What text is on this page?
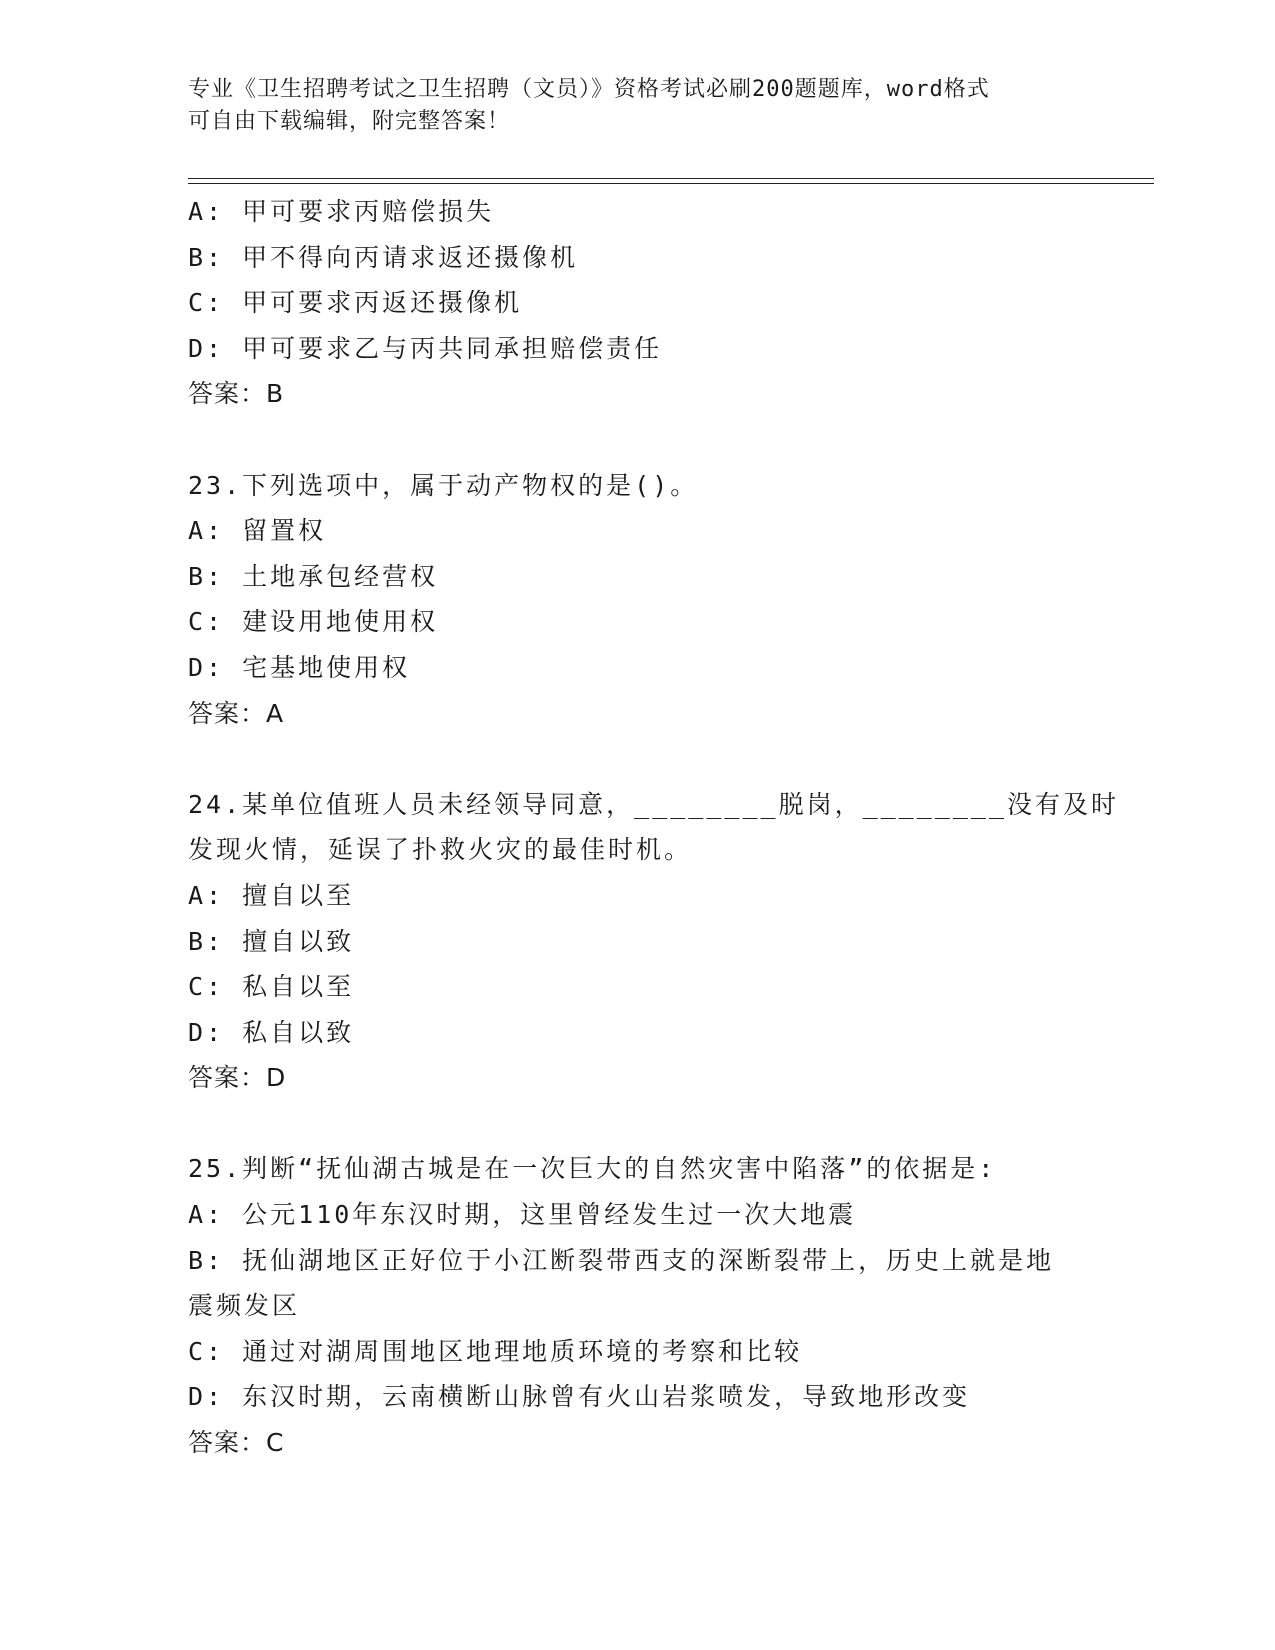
专业《卫生招聘考试之卫生招聘（文员）》资格考试必刷200题题库，word格式
可自由下载编辑，附完整答案！
A: 甲可要求丙赔偿损失
B: 甲不得向丙请求返还摄像机
C: 甲可要求丙返还摄像机
D: 甲可要求乙与丙共同承担赔偿责任
答案：B
23.下列选项中，属于动产物权的是()。
A: 留置权
B: 土地承包经营权
C: 建设用地使用权
D: 宅基地使用权
答案：A
24.某单位值班人员未经领导同意，________脱岗，________没有及时
发现火情，延误了扑救火灾的最佳时机。
A: 擅自以至
B: 擅自以致
C: 私自以至
D: 私自以致
答案：D
25.判断“抚仙湖古城是在一次巨大的自然灾害中陷落”的依据是:
A: 公元110年东汉时期，这里曾经发生过一次大地震
B: 抚仙湖地区正好位于小江断裂带西支的深断裂带上，历史上就是地
震频发区
C: 通过对湖周围地区地理地质环境的考察和比较
D: 东汉时期，云南横断山脉曾有火山岩浆喷发，导致地形改变
答案：C
